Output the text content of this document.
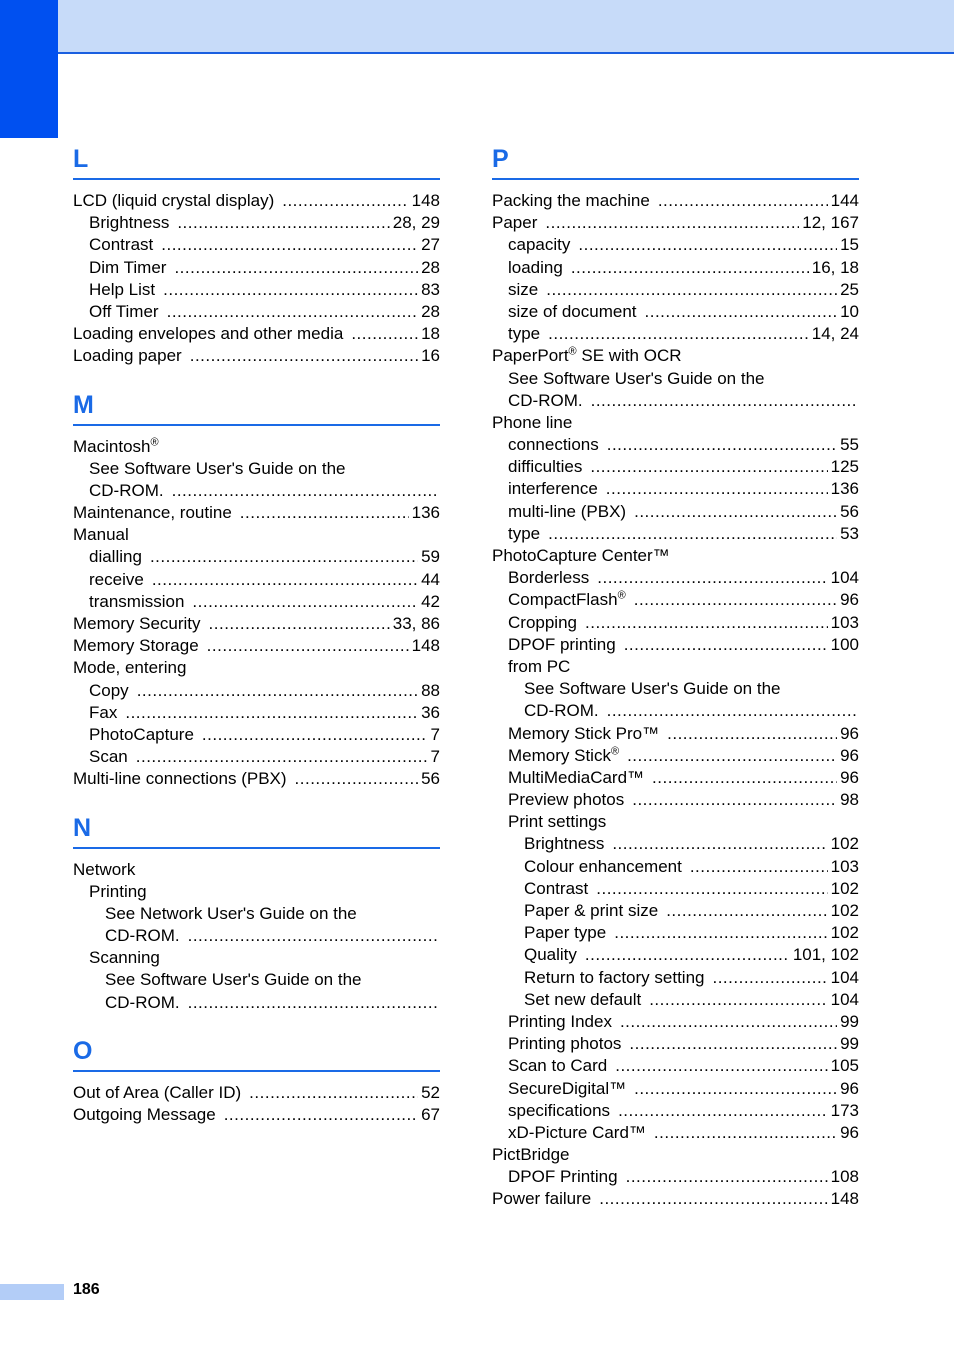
L
LCD (liquid crystal display) .....	148
Brightness .....	28, 29
Contrast .....	27
Dim Timer .....	28
Help List .....	83
Off Timer .....	28
Loading envelopes and other media .....	18
Loading paper .....	16
M
Macintosh®
See Software User's Guide on the
CD-ROM.
.....
Maintenance, routine .....	136
Manual
dialling .....	59
receive .....	44
transmission .....	42
Memory Security .....	33, 86
Memory Storage .....	148
Mode, entering
Copy .....	88
Fax .....	36
PhotoCapture .....	7
Scan .....	7
Multi-line connections (PBX) .....	56
N
Network
Printing
See Network User's Guide on the
CD-ROM.
.....
Scanning
See Software User's Guide on the
CD-ROM.
.....
O
Out of Area (Caller ID) .....	52
Outgoing Message .....	67
P
Packing the machine .....	144
Paper .....	12, 167
capacity .....	15
loading .....	16, 18
size .....	25
size of document .....	10
type .....	14, 24
PaperPort® SE with OCR
See Software User's Guide on the
CD-ROM.
.....
Phone line
connections .....	55
difficulties .....	125
interference .....	136
multi-line (PBX) .....	56
type .....	53
PhotoCapture Center™
Borderless .....	104
CompactFlash® .....	96
Cropping .....	103
DPOF printing .....	100
from PC
See Software User's Guide on the
CD-ROM.
.....
Memory Stick Pro™ .....	96
Memory Stick® .....	96
MultiMediaCard™ .....	96
Preview photos .....	98
Print settings
Brightness .....	102
Colour enhancement .....	103
Contrast .....	102
Paper & print size .....	102
Paper type .....	102
Quality .....	101, 102
Return to factory setting .....	104
Set new default .....	104
Printing Index .....	99
Printing photos .....	99
Scan to Card .....	105
SecureDigital™ .....	96
specifications .....	173
xD-Picture Card™ .....	96
PictBridge
DPOF Printing .....	108
Power failure .....	148
186
